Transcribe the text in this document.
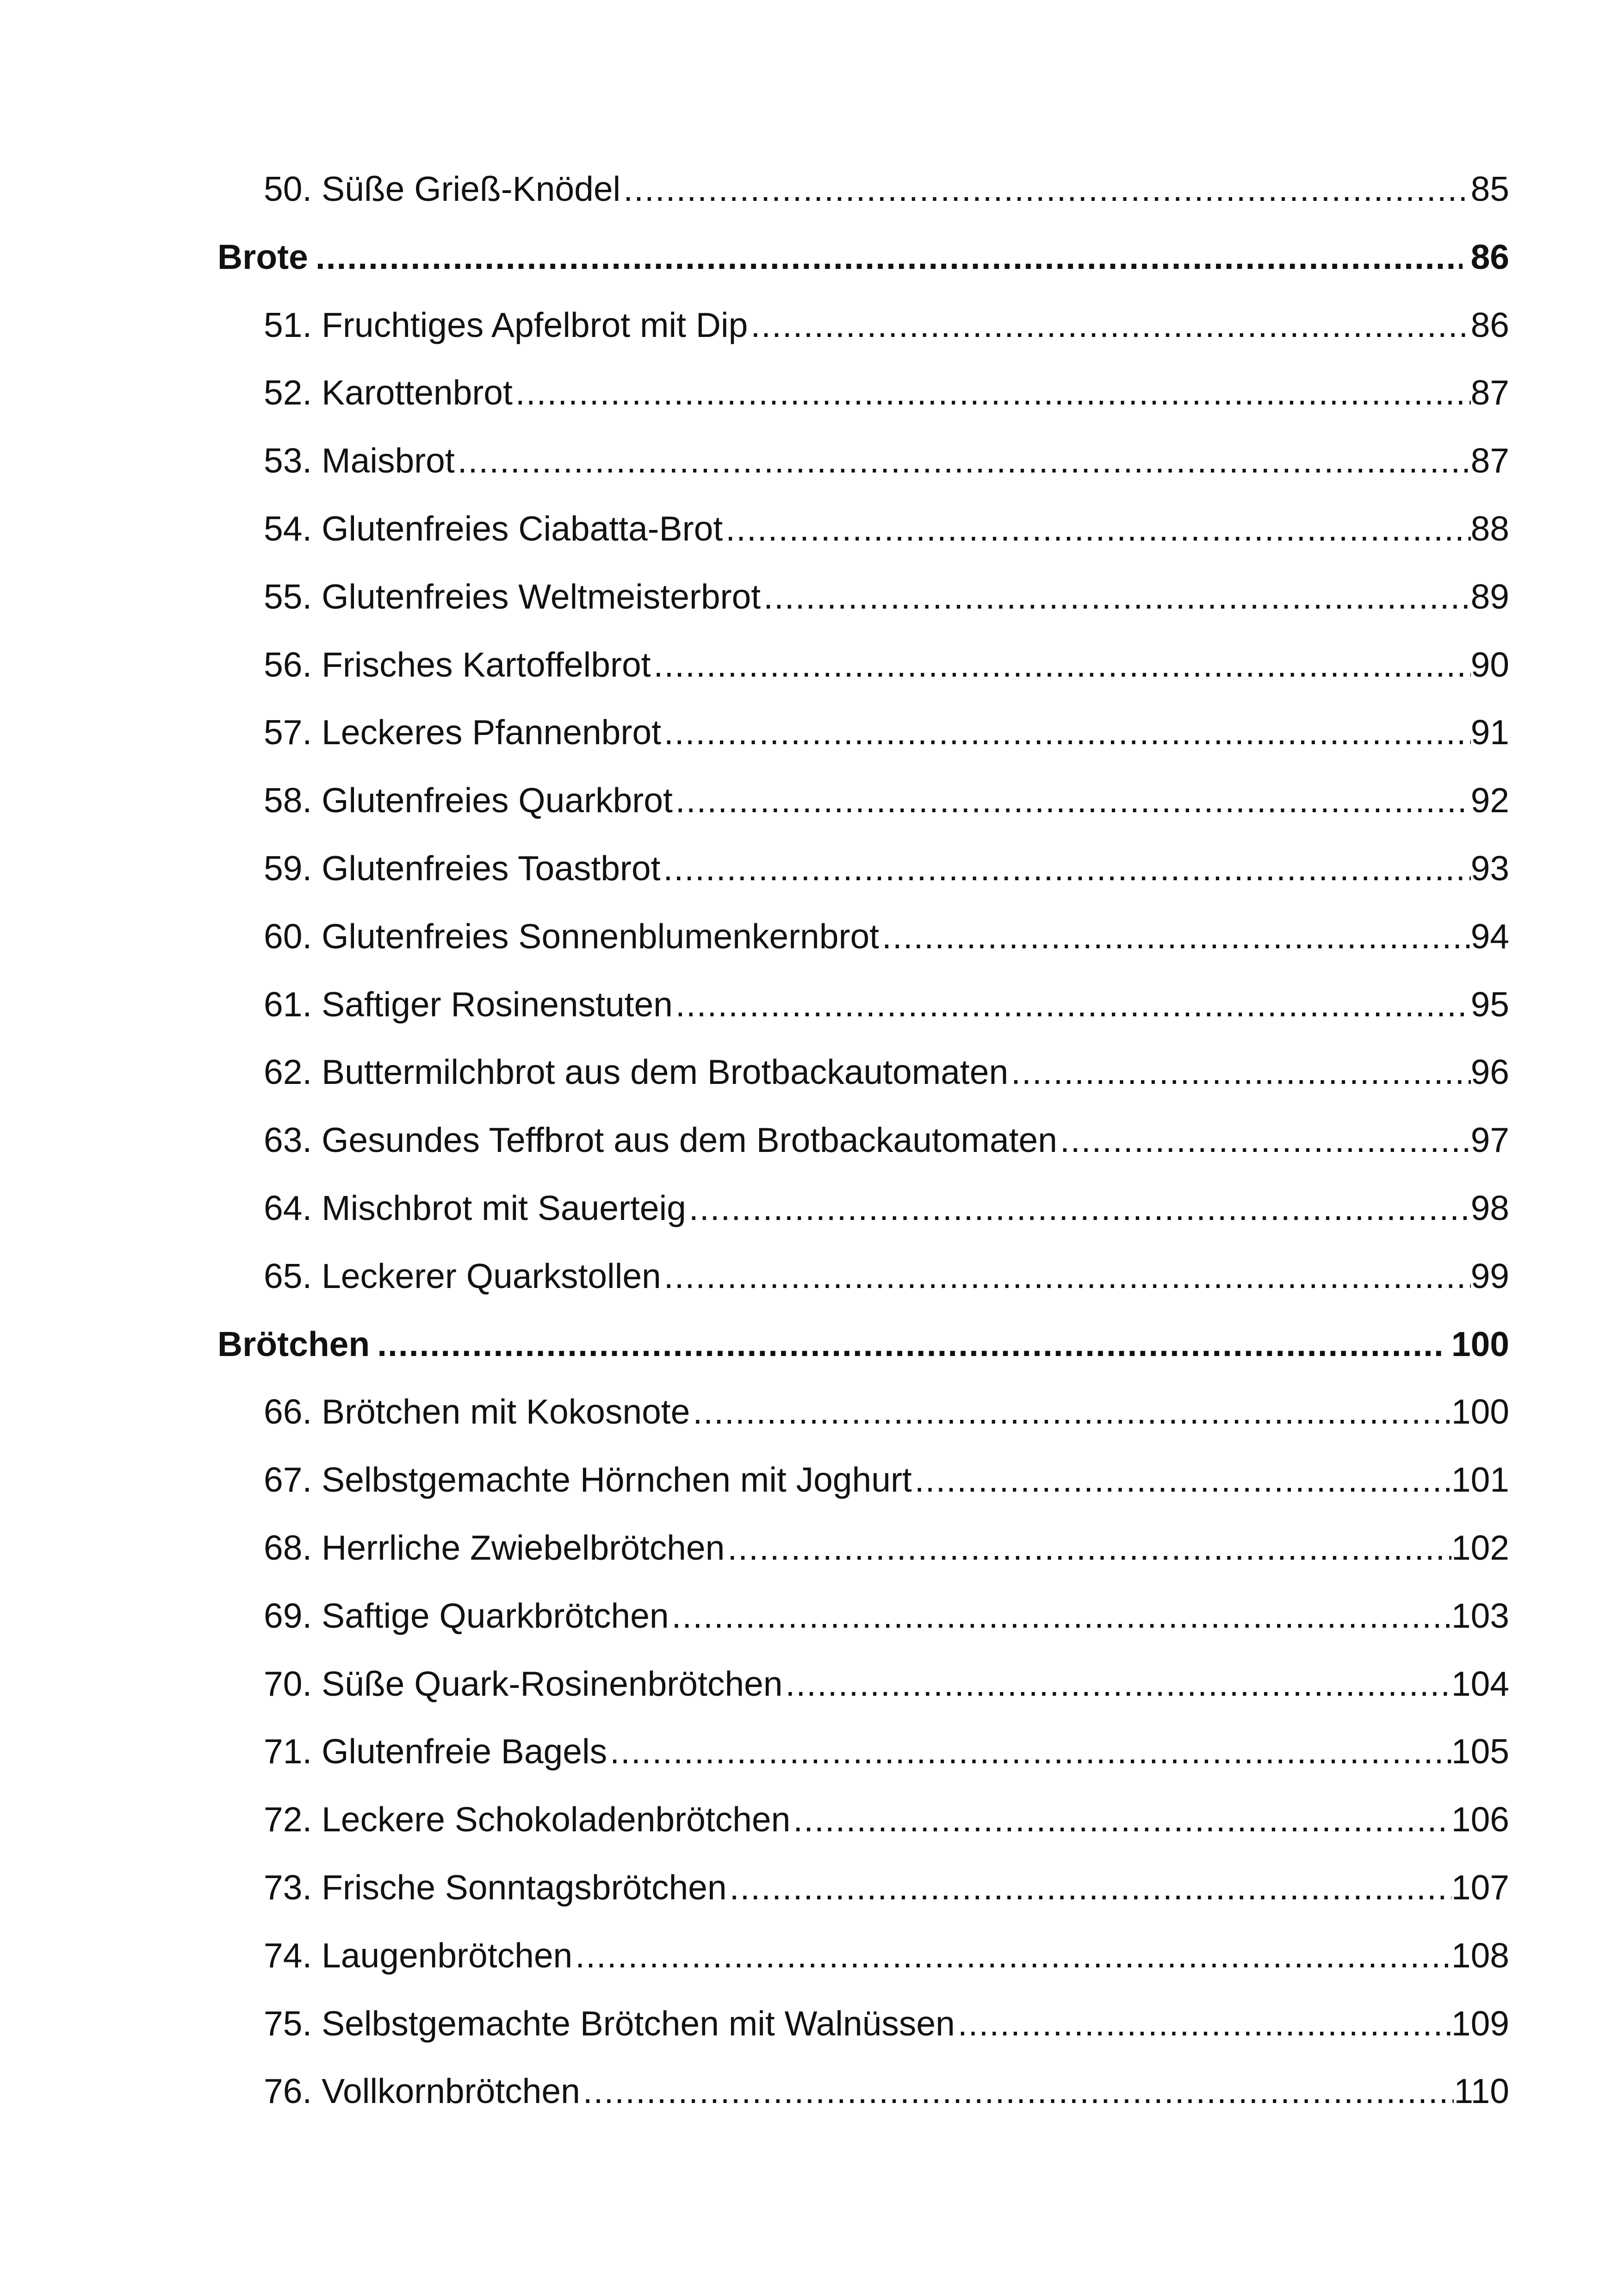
50. Süße Grieß-Knödel .....	85
Brote .....	86
51. Fruchtiges Apfelbrot mit Dip .....	86
52. Karottenbrot .....	87
53. Maisbrot .....	87
54. Glutenfreies Ciabatta-Brot .....	88
55. Glutenfreies Weltmeisterbrot .....	89
56. Frisches Kartoffelbrot .....	90
57. Leckeres Pfannenbrot .....	91
58. Glutenfreies Quarkbrot .....	92
59. Glutenfreies Toastbrot .....	93
60. Glutenfreies Sonnenblumenkernbrot .....	94
61. Saftiger Rosinenstuten .....	95
62. Buttermilchbrot aus dem Brotbackautomaten .....	96
63. Gesundes Teffbrot aus dem Brotbackautomaten .....	97
64. Mischbrot mit Sauerteig .....	98
65. Leckerer Quarkstollen .....	99
Brötchen .....	100
66. Brötchen mit Kokosnote .....	100
67. Selbstgemachte Hörnchen mit Joghurt .....	101
68. Herrliche Zwiebelbrötchen .....	102
69. Saftige Quarkbrötchen .....	103
70. Süße Quark-Rosinenbrötchen .....	104
71. Glutenfreie Bagels .....	105
72. Leckere Schokoladenbrötchen .....	106
73. Frische Sonntagsbrötchen .....	107
74. Laugenbrötchen .....	108
75. Selbstgemachte Brötchen mit Walnüssen .....	109
76. Vollkornbrötchen .....	110
